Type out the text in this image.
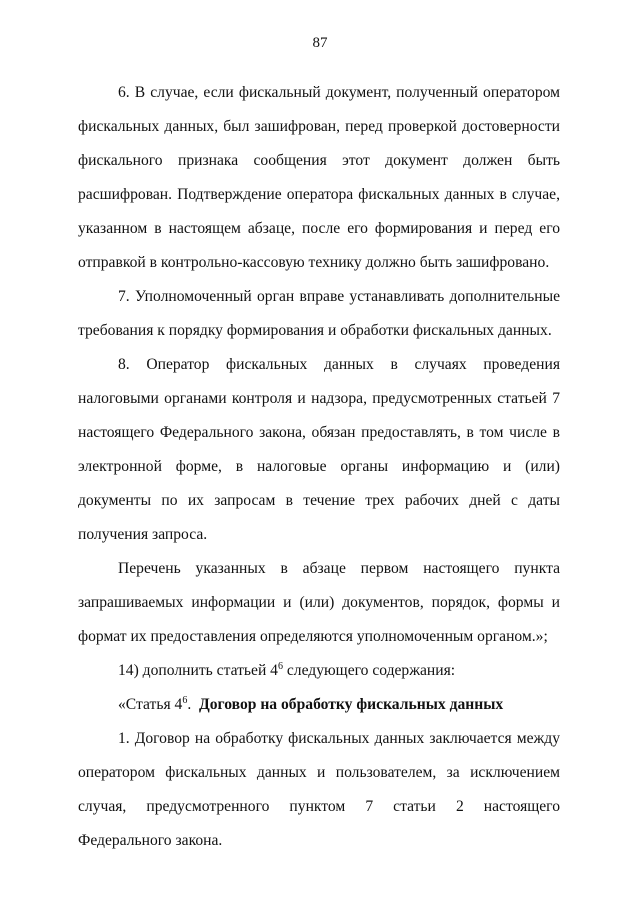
87

6. В случае, если фискальный документ, полученный оператором фискальных данных, был зашифрован, перед проверкой достоверности фискального признака сообщения этот документ должен быть расшифрован. Подтверждение оператора фискальных данных в случае, указанном в настоящем абзаце, после его формирования и перед его отправкой в контрольно-кассовую технику должно быть зашифровано.

7. Уполномоченный орган вправе устанавливать дополнительные требования к порядку формирования и обработки фискальных данных.

8. Оператор фискальных данных в случаях проведения налоговыми органами контроля и надзора, предусмотренных статьей 7 настоящего Федерального закона, обязан предоставлять, в том числе в электронной форме, в налоговые органы информацию и (или) документы по их запросам в течение трех рабочих дней с даты получения запроса.

Перечень указанных в абзаце первом настоящего пункта запрашиваемых информации и (или) документов, порядок, формы и формат их предоставления определяются уполномоченным органом.»;

14) дополнить статьей $4^6$ следующего содержания:

«Статья $4^6$. Договор на обработку фискальных данных

1. Договор на обработку фискальных данных заключается между оператором фискальных данных и пользователем, за исключением случая, предусмотренного пунктом 7 статьи 2 настоящего Федерального закона.
